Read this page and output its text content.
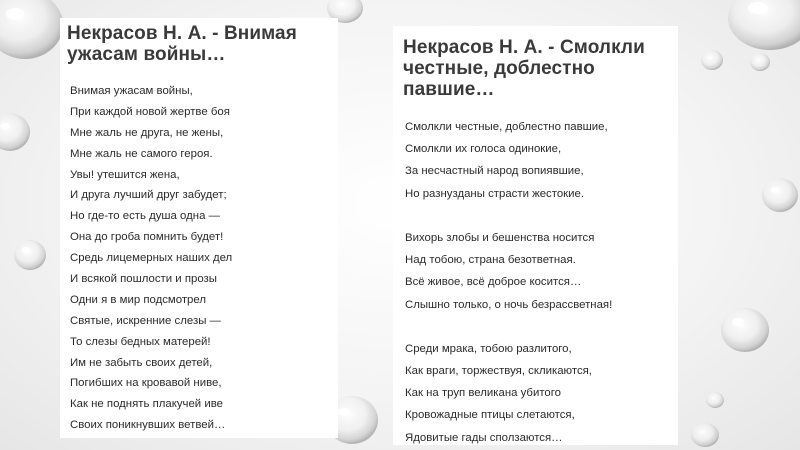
Некрасов Н. А. - Внимая ужасам войны…
Внимая ужасам войны,
При каждой новой жертве боя
Мне жаль не друга, не жены,
Мне жаль не самого героя.
Увы! утешится жена,
И друга лучший друг забудет;
Но где-то есть душа одна —
Она до гроба помнить будет!
Средь лицемерных наших дел
И всякой пошлости и прозы
Одни я в мир подсмотрел
Святые, искренние слезы —
То слезы бедных матерей!
Им не забыть своих детей,
Погибших на кровавой ниве,
Как не поднять плакучей иве
Своих поникнувших ветвей…
Некрасов Н. А. - Смолкли честные, доблестно павшие…
Смолкли честные, доблестно павшие,
Смолкли их голоса одинокие,
За несчастный народ вопиявшие,
Но разнузданы страсти жестокие.
Вихорь злобы и бешенства носится
Над тобою, страна безответная.
Всё живое, всё доброе косится…
Слышно только, о ночь безрассветная!
Среди мрака, тобою разлитого,
Как враги, торжествуя, скликаются,
Как на труп великана убитого
Кровожадные птицы слетаются,
Ядовитые гады сползаются…
